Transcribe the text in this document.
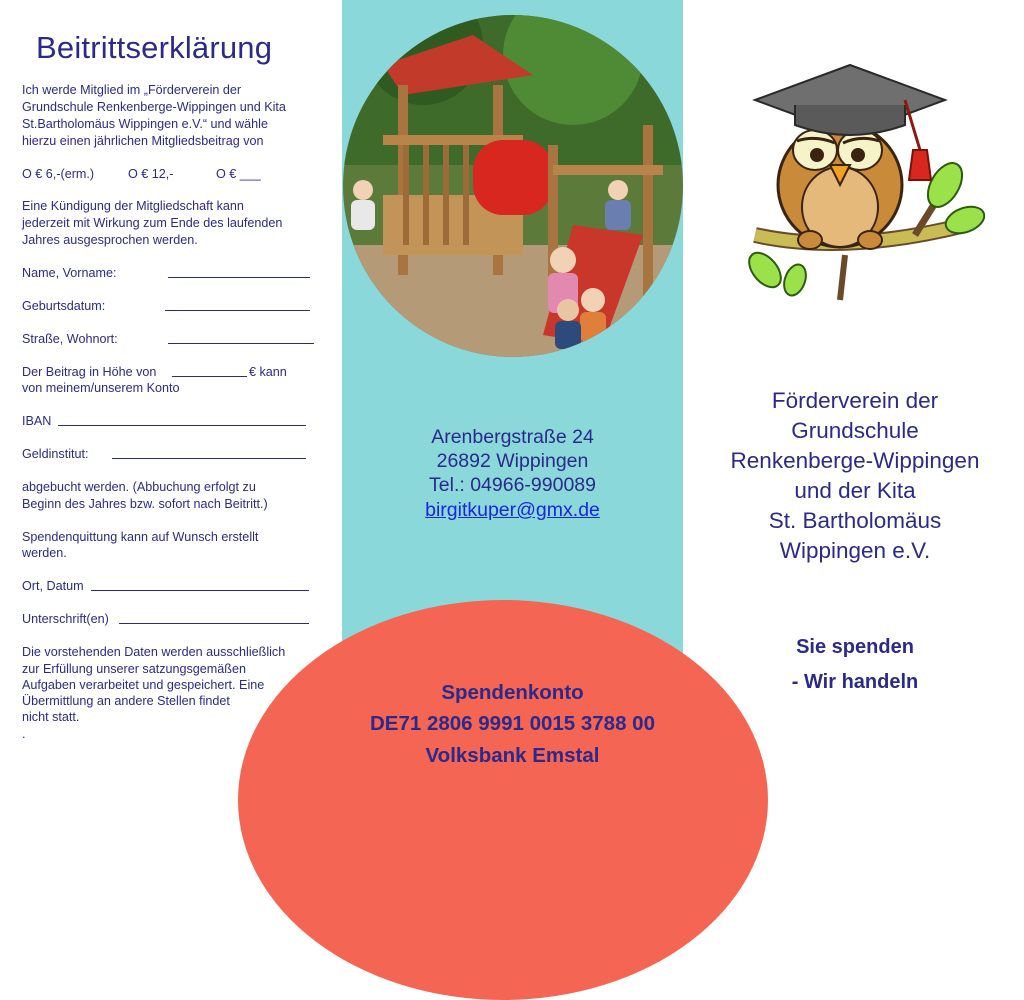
Beitrittserklärung
Ich werde Mitglied im „Förderverein der
Grundschule Renkenberge-Wippingen und Kita
St.Bartholomäus Wippingen e.V.“ und wähle
hierzu einen jährlichen Mitgliedsbeitrag von
O € 6,-(erm.)	O € 12,-	O € ___
Eine Kündigung der Mitgliedschaft kann
jederzeit mit Wirkung zum Ende des laufenden
Jahres ausgesprochen werden.
Name, Vorname:
Geburtsdatum:
Straße, Wohnort:
Der Beitrag in Höhe von	€ kann
von meinem/unserem Konto
IBAN
Geldinstitut:
abgebucht werden. (Abbuchung erfolgt zu
Beginn des Jahres bzw. sofort nach Beitritt.)
Spendenquittung kann auf Wunsch erstellt
werden.
Ort, Datum
Unterschrift(en)
Die vorstehenden Daten werden ausschließlich
zur Erfüllung unserer satzungsgemäßen
Aufgaben verarbeitet und gespeichert. Eine
Übermittlung an andere Stellen findet
nicht statt.
.
Arenbergstraße 24
26892 Wippingen
Tel.: 04966-990089
birgitkuper@gmx.de
Spendenkonto
DE71 2806 9991 0015 3788 00
Volksbank Emstal
Förderverein der
Grundschule
Renkenberge-Wippingen
und der Kita
St. Bartholomäus
Wippingen e.V.
Sie spenden
- Wir handeln
